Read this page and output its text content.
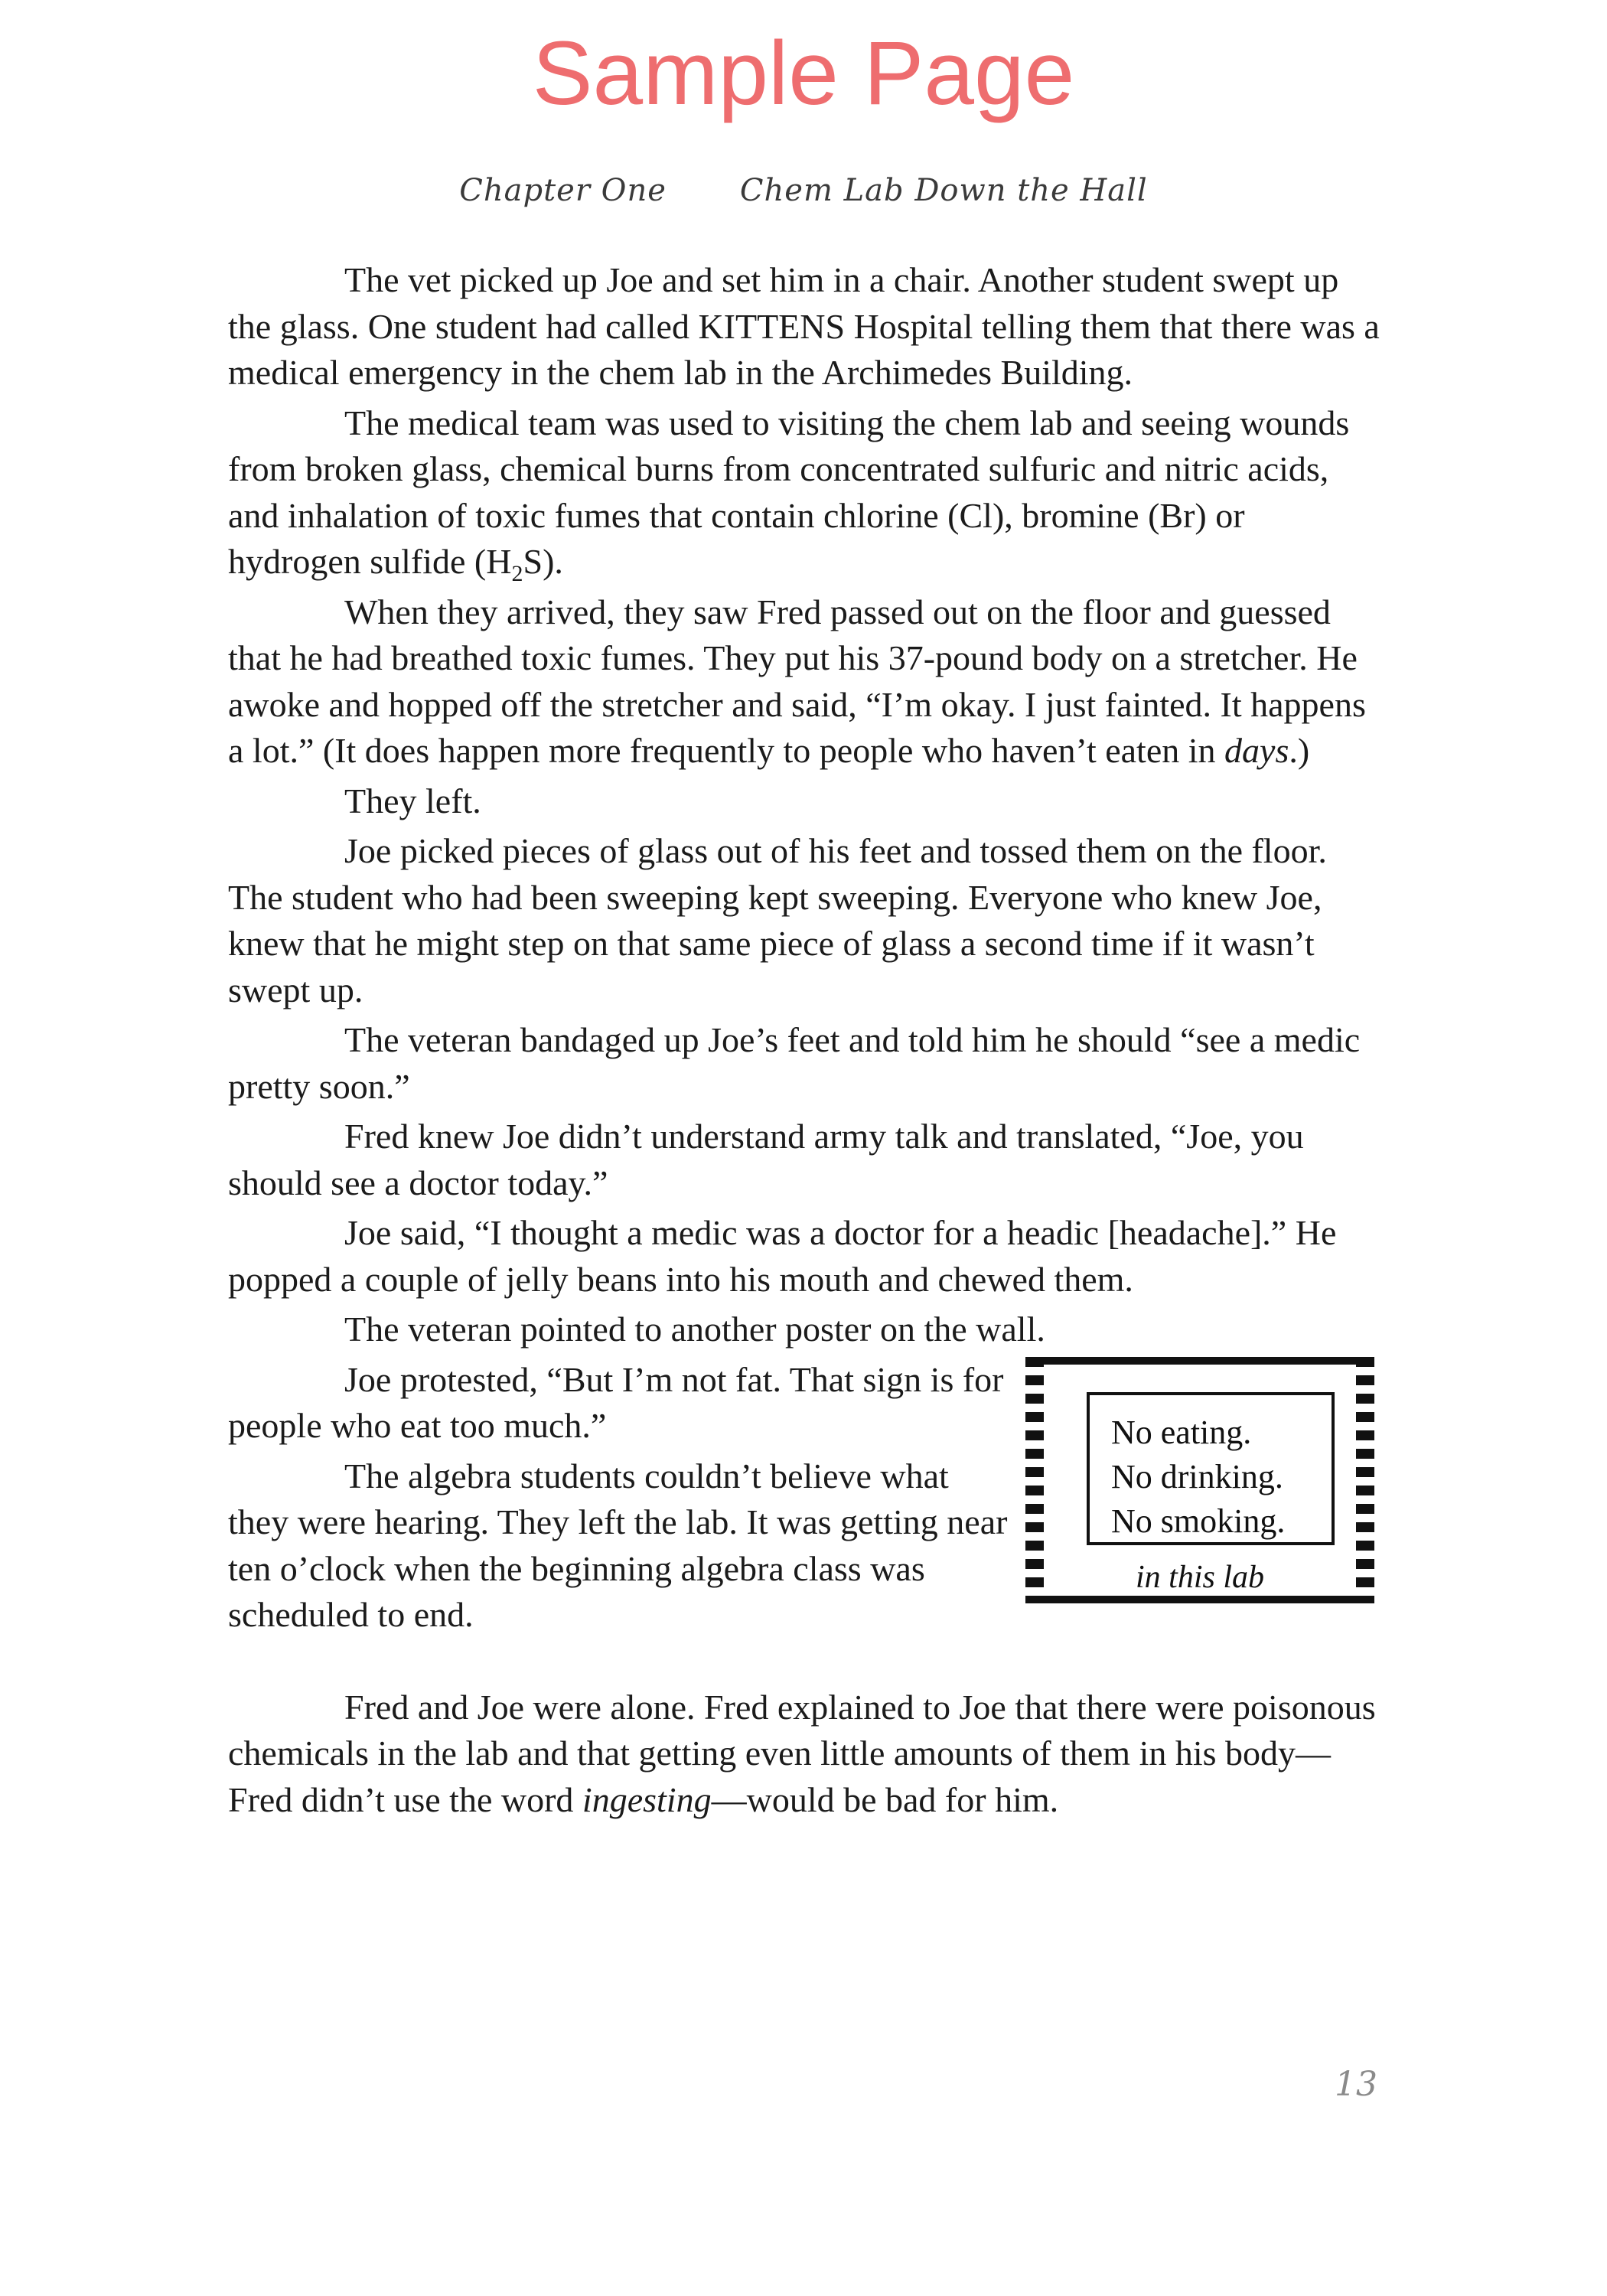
Sample Page
Chapter One Chem Lab Down the Hall

The vet picked up Joe and set him in a chair. Another student swept up the glass. One student had called KITTENS Hospital telling them that there was a medical emergency in the chem lab in the Archimedes Building.

The medical team was used to visiting the chem lab and seeing wounds from broken glass, chemical burns from concentrated sulfuric and nitric acids, and inhalation of toxic fumes that contain chlorine (Cl), bromine (Br) or hydrogen sulfide $(H_2S)$.

When they arrived, they saw Fred passed out on the floor and guessed that he had breathed toxic fumes. They put his 37-pound body on a stretcher. He awoke and hopped off the stretcher and said, “I’m okay. I just fainted. It happens a lot.” (It does happen more frequently to people who haven’t eaten in days.)

They left.

Joe picked pieces of glass out of his feet and tossed them on the floor. The student who had been sweeping kept sweeping. Everyone who knew Joe, knew that he might step on that same piece of glass a second time if it wasn’t swept up.

The veteran bandaged up Joe’s feet and told him he should “see a medic pretty soon.”

Fred knew Joe didn’t understand army talk and translated, “Joe, you should see a doctor today.”

Joe said, “I thought a medic was a doctor for a headic [headache].” He popped a couple of jelly beans into his mouth and chewed them.

The veteran pointed to another poster on the wall.

Joe protested, “But I’m not fat. That sign is for people who eat too much.”

The algebra students couldn’t believe what they were hearing. They left the lab. It was getting near ten o’clock when the beginning algebra class was scheduled to end.

No eating.
No drinking.
No smoking.
in this lab

Fred and Joe were alone. Fred explained to Joe that there were poisonous chemicals in the lab and that getting even little amounts of them in his body—Fred didn’t use the word ingesting—would be bad for him.

13
